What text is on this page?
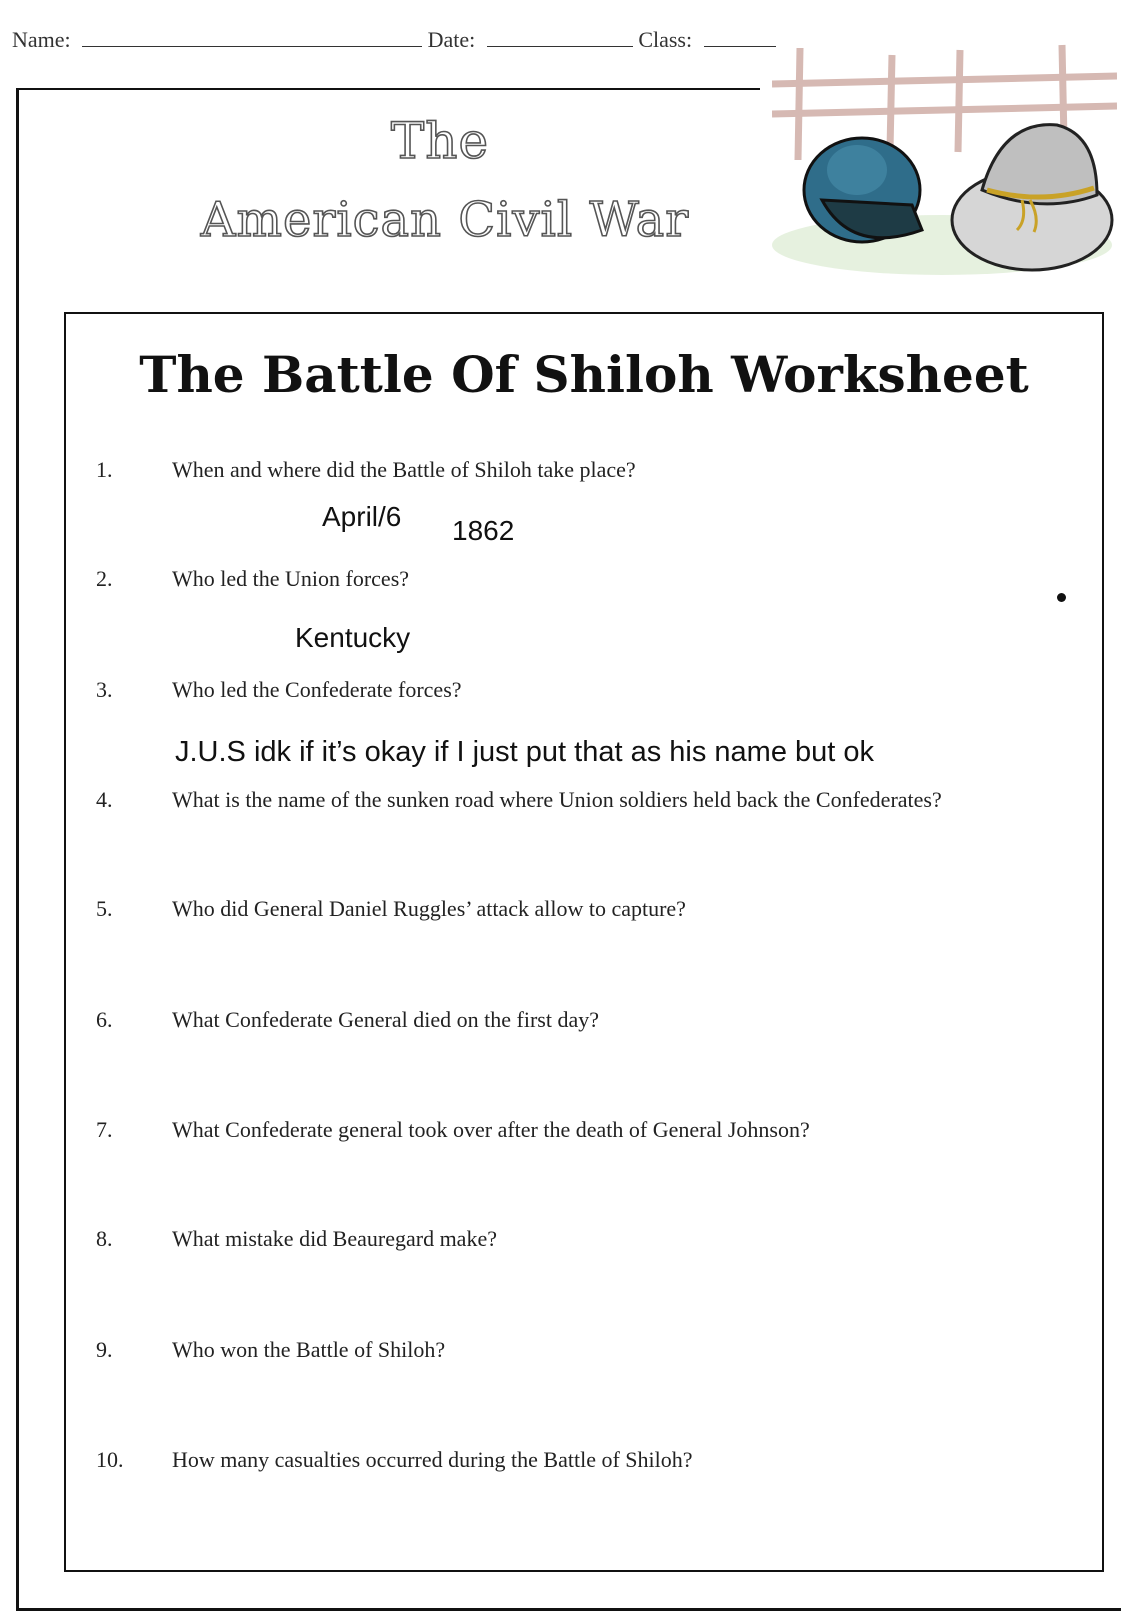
Name:	Date:	Class:
The
American Civil War
The Battle Of Shiloh Worksheet
1.	When and where did the Battle of Shiloh take place?
2.	Who led the Union forces?
3.	Who led the Confederate forces?
4.	What is the name of the sunken road where Union soldiers held back the Confederates?
5.	Who did General Daniel Ruggles’ attack allow to capture?
6.	What Confederate General died on the first day?
7.	What Confederate general took over after the death of General Johnson?
8.	What mistake did Beauregard make?
9.	Who won the Battle of Shiloh?
10. How many casualties occurred during the Battle of Shiloh?
April/6 1862
Kentucky
J.U.S idk if it’s okay if I just put that as his name but ok
